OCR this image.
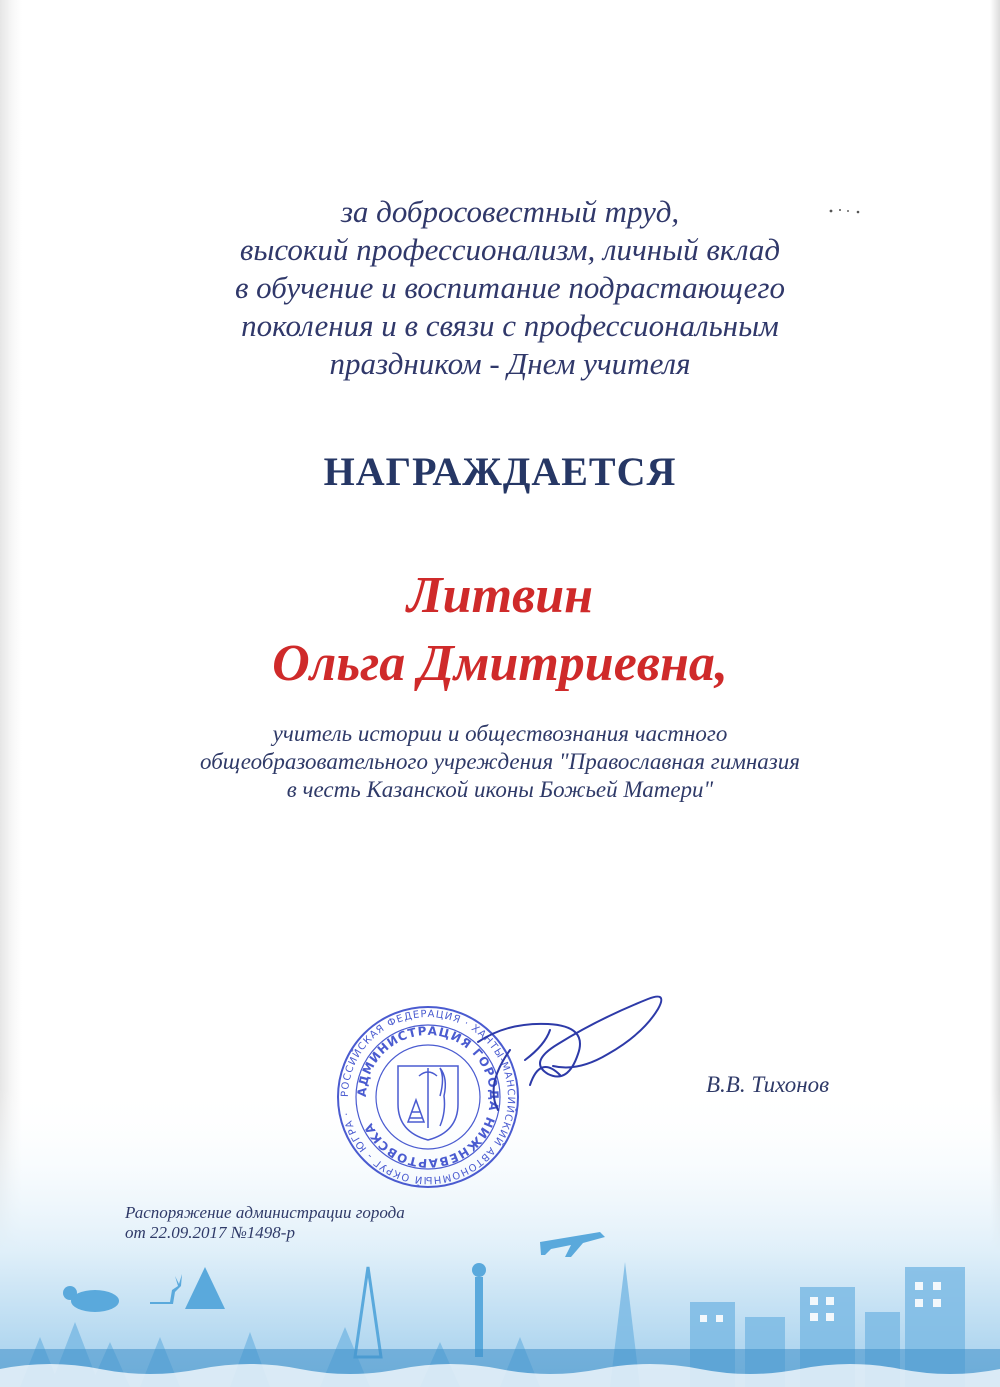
за добросовестный труд,
высокий профессионализм, личный вклад
в обучение и воспитание подрастающего
поколения и в связи с профессиональным
праздником - Днем учителя
НАГРАЖДАЕТСЯ
Литвин
Ольга Дмитриевна,
учитель истории и обществознания частного
общеобразовательного учреждения "Православная гимназия
в честь Казанской иконы Божьей Матери"
Распоряжение администрации города
от 22.09.2017 №1498-р
РОССИЙСКАЯ ФЕДЕРАЦИЯ · ХАНТЫ-МАНСИЙСКИЙ АВТОНОМНЫЙ ОКРУГ - ЮГРА ·
АДМИНИСТРАЦИЯ ГОРОДА НИЖНЕВАРТОВСКА
В.В. Тихонов
